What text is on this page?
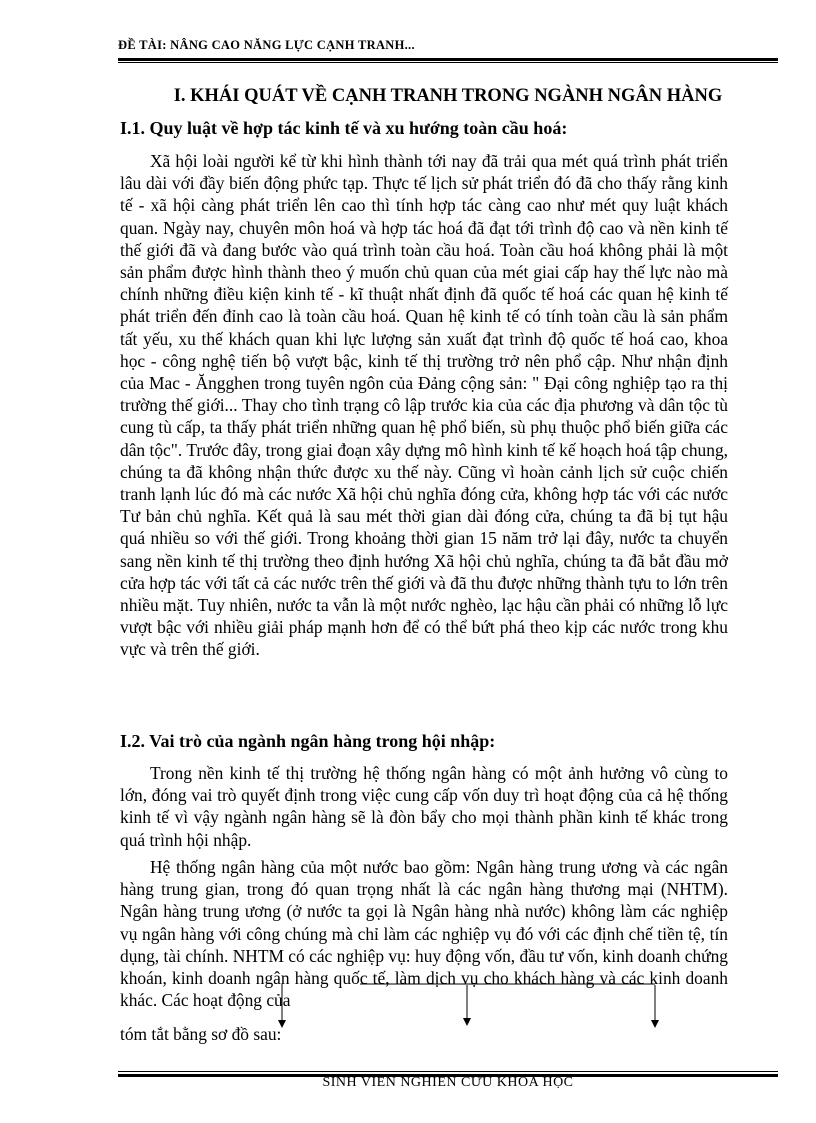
ĐỀ TÀI: NÂNG CAO NĂNG LỰC CẠNH TRANH...
I. KHÁI QUÁT VỀ CẠNH TRANH TRONG NGÀNH NGÂN HÀNG
I.1. Quy luật về hợp tác kinh tế và xu hướng toàn cầu hoá:

Xã hội loài người kể từ khi hình thành tới nay đã trải qua mét quá trình phát triển lâu dài với đầy biến động phức tạp. Thực tế lịch sử phát triển đó đã cho thấy rằng kinh tế - xã hội càng phát triển lên cao thì tính hợp tác càng cao như mét quy luật khách quan. Ngày nay, chuyên môn hoá và hợp tác hoá đã đạt tới trình độ cao và nền kinh tế thế giới đã và đang bước vào quá trình toàn cầu hoá. Toàn cầu hoá không phải là một sản phẩm được hình thành theo ý muốn chủ quan của mét giai cấp hay thế lực nào mà chính những điều kiện kinh tế - kĩ thuật nhất định đã quốc tế hoá các quan hệ kinh tế phát triển đến đỉnh cao là toàn cầu hoá. Quan hệ kinh tế có tính toàn cầu là sản phẩm tất yếu, xu thế khách quan khi lực lượng sản xuất đạt trình độ quốc tế hoá cao, khoa học - công nghệ tiến bộ vượt bậc, kinh tế thị trường trở nên phổ cập. Như nhận định của Mac - Ăngghen trong tuyên ngôn của Đảng cộng sản: " Đại công nghiệp tạo ra thị trường thế giới... Thay cho tình trạng cô lập trước kia của các địa phương và dân tộc tù cung tù cấp, ta thấy phát triển những quan hệ phổ biến, sù phụ thuộc phổ biến giữa các dân tộc". Trước đây, trong giai đoạn xây dựng mô hình kinh tế kế hoạch hoá tập chung, chúng ta đã không nhận thức được xu thế này. Cũng vì hoàn cảnh lịch sử cuộc chiến tranh lạnh lúc đó mà các nước Xã hội chủ nghĩa đóng cửa, không hợp tác với các nước Tư bản chủ nghĩa. Kết quả là sau mét thời gian dài đóng cửa, chúng ta đã bị tụt hậu quá nhiều so với thế giới. Trong khoảng thời gian 15 năm trở lại đây, nước ta chuyển sang nền kinh tế thị trường theo định hướng Xã hội chủ nghĩa, chúng ta đã bắt đầu mở cửa hợp tác với tất cả các nước trên thế giới và đã thu được những thành tựu to lớn trên nhiều mặt. Tuy nhiên, nước ta vẫn là một nước nghèo, lạc hậu cần phải có những lỗ lực vượt bậc với nhiều giải pháp mạnh hơn để có thể bứt phá theo kịp các nước trong khu vực và trên thế giới.

I.2. Vai trò của ngành ngân hàng trong hội nhập:

Trong nền kinh tế thị trường hệ thống ngân hàng có một ảnh hưởng vô cùng to lớn, đóng vai trò quyết định trong việc cung cấp vốn duy trì hoạt động của cả hệ thống kinh tế vì vậy ngành ngân hàng sẽ là đòn bẩy cho mọi thành phần kinh tế khác trong quá trình hội nhập.

Hệ thống ngân hàng của một nước bao gồm: Ngân hàng trung ương và các ngân hàng trung gian, trong đó quan trọng nhất là các ngân hàng thương mại (NHTM). Ngân hàng trung ương (ở nước ta gọi là Ngân hàng nhà nước) không làm các nghiệp vụ ngân hàng với công chúng mà chỉ làm các nghiệp vụ đó với các định chế tiền tệ, tín dụng, tài chính. NHTM có các nghiệp vụ: huy động vốn, đầu tư vốn, kinh doanh chứng khoán, kinh doanh ngân hàng quốc tế, làm dịch vụ cho khách hàng và các kinh doanh khác. Các hoạt động của

tóm tắt bằng sơ đồ sau:
SINH VIÊN NGHIÊN CỨU KHOA HỌC
